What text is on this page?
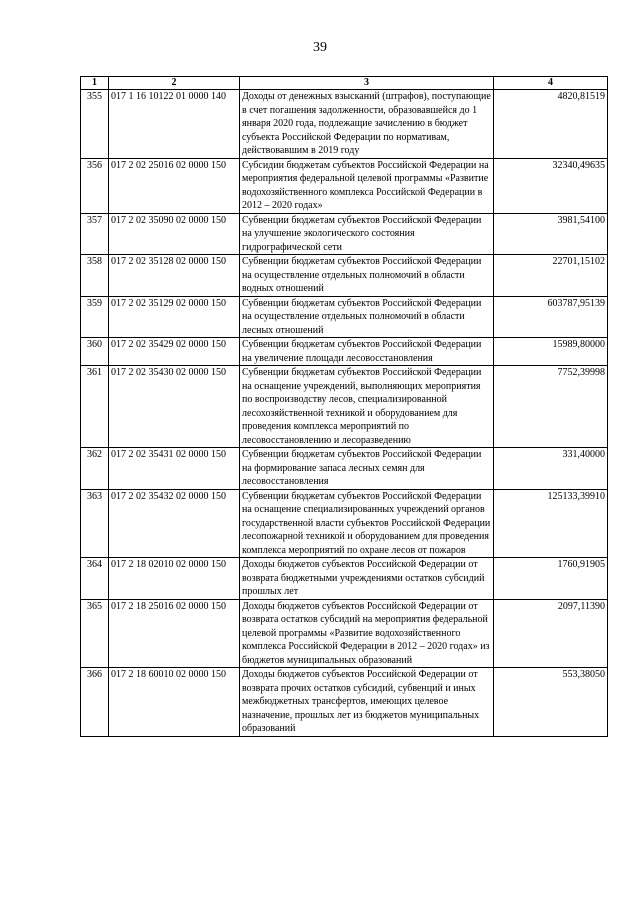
39
1	2	3	4
355	017 1 16 10122 01 0000 140	Доходы от денежных взысканий (штрафов), поступающие в счет погашения задолженности, образовавшейся до 1 января 2020 года, подлежащие зачислению в бюджет субъекта Российской Федерации по нормативам, действовавшим в 2019 году	4820,81519
356	017 2 02 25016 02 0000 150	Субсидии бюджетам субъектов Российской Федерации на мероприятия федеральной целевой программы «Развитие водохозяйственного комплекса Российской Федерации в 2012 – 2020 годах»	32340,49635
357	017 2 02 35090 02 0000 150	Субвенции бюджетам субъектов Российской Федерации на улучшение экологического состояния гидрографической сети	3981,54100
358	017 2 02 35128 02 0000 150	Субвенции бюджетам субъектов Российской Федерации на осуществление отдельных полномочий в области водных отношений	22701,15102
359	017 2 02 35129 02 0000 150	Субвенции бюджетам субъектов Российской Федерации на осуществление отдельных полномочий в области лесных отношений	603787,95139
360	017 2 02 35429 02 0000 150	Субвенции бюджетам субъектов Российской Федерации на увеличение площади лесовосстановления	15989,80000
361	017 2 02 35430 02 0000 150	Субвенции бюджетам субъектов Российской Федерации на оснащение учреждений, выполняющих мероприятия по воспроизводству лесов, специализированной лесохозяйственной техникой и оборудованием для проведения комплекса мероприятий по лесовосстановлению и лесоразведению	7752,39998
362	017 2 02 35431 02 0000 150	Субвенции бюджетам субъектов Российской Федерации на формирование запаса лесных семян для лесовосстановления	331,40000
363	017 2 02 35432 02 0000 150	Субвенции бюджетам субъектов Российской Федерации на оснащение специализированных учреждений органов государственной власти субъектов Российской Федерации лесопожарной техникой и оборудованием для проведения комплекса мероприятий по охране лесов от пожаров	125133,39910
364	017 2 18 02010 02 0000 150	Доходы бюджетов субъектов Российской Федерации от возврата бюджетными учреждениями остатков субсидий прошлых лет	1760,91905
365	017 2 18 25016 02 0000 150	Доходы бюджетов субъектов Российской Федерации от возврата остатков субсидий на мероприятия федеральной целевой программы «Развитие водохозяйственного комплекса Российской Федерации в 2012 – 2020 годах» из бюджетов муниципальных образований	2097,11390
366	017 2 18 60010 02 0000 150	Доходы бюджетов субъектов Российской Федерации от возврата прочих остатков субсидий, субвенций и иных межбюджетных трансфертов, имеющих целевое назначение, прошлых лет из бюджетов муниципальных образований	553,38050
